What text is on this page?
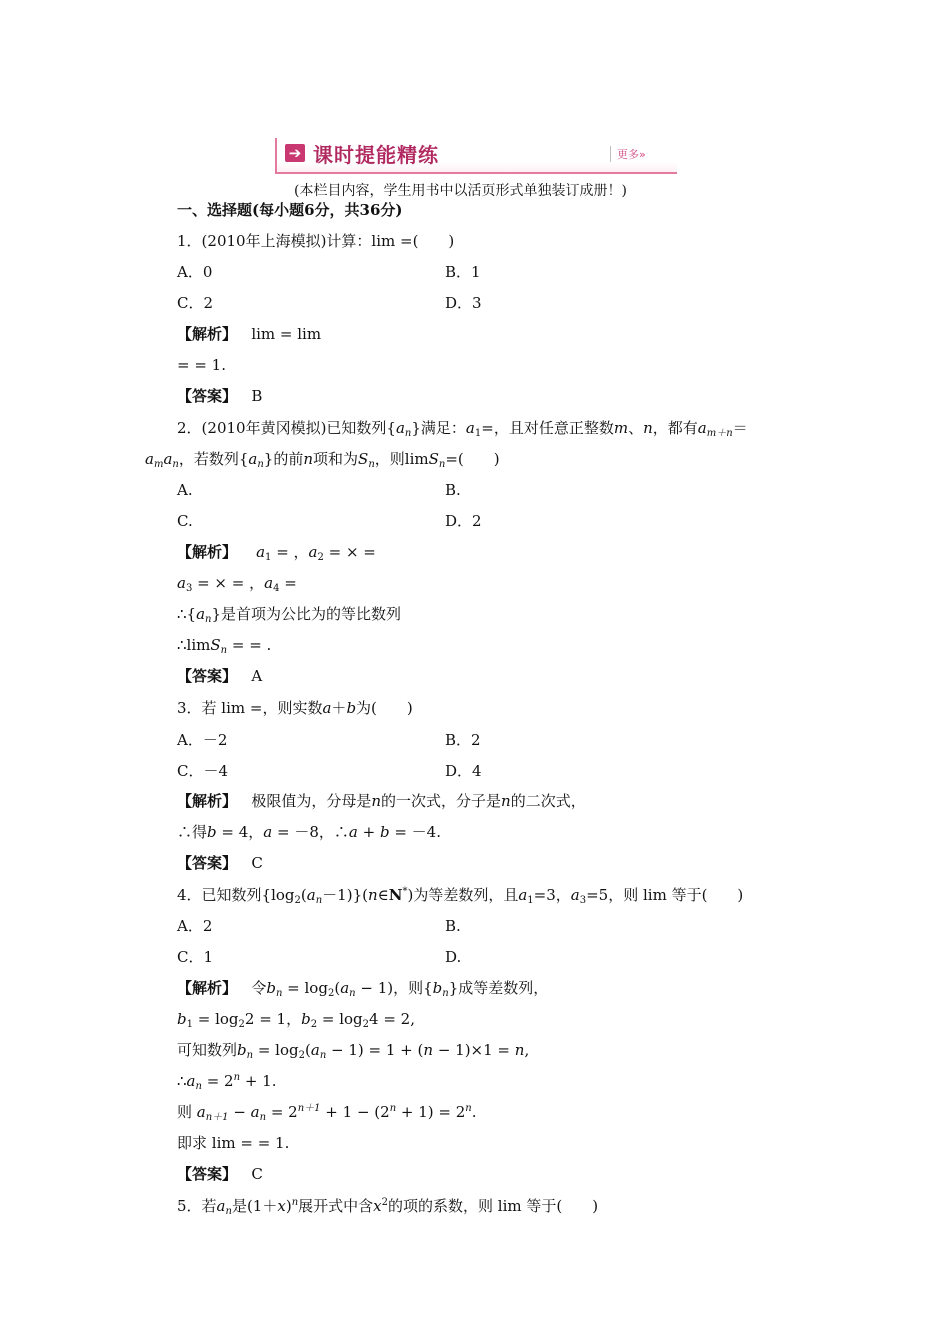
➔ 课时提能精练	更多»
(本栏目内容，学生用书中以活页形式单独装订成册！)
一、选择题(每小题6分，共36分)
1．(2010年上海模拟)计算：lim =(　　)
A．0	B．1
C．2	D．3
【解析】 lim = lim
= = 1.
【答案】 B
2．(2010年黄冈模拟)已知数列$\{a_n\}$满足：$a_1=$，且对任意正整数m、n，都有$a_{m+n}=$
$a_ma_n$，若数列$\{a_n\}$的前n项和为$S_n$，则limS$_n$=(　　)
A.	B.
C.	D．2
【解析】 $a_1$ = ，$a_2$ = × =
$a_3$ = × = ，$a_4$ =
$\therefore\{a_n\}$是首项为公比为的等比数列
∴limS$_n$ = = .
【答案】 A
3．若 lim =，则实数a＋b为(　　)
A．－2	B．2
C．－4	D．4
【解析】 极限值为，分母是n的一次式，分子是n的二次式，
∴得b = 4，a = －8，∴a + b = －4.
【答案】 C
4．已知数列$\{\log_2(a_n-1)\}(n\in N^*)$为等差数列，且$a_1=3$，$a_3=5$，则 lim 等于(　　)
A．2	B.
C．1	D.
【解析】 令$b_n = \log_2(a_n - 1)$，则$\{b_n\}$成等差数列，
$b_1 = \log_22 = 1$，$b_2 = \log_24 = 2$,
可知数列$b_n = \log_2(a_n - 1) = 1 + (n - 1)\times 1 = n$,
$\therefore a_n = 2^n + 1$.
则 $a_{n+1} - a_n = 2^{n+1} + 1 - (2^n + 1) = 2^n$.
即求 lim = = 1.
【答案】 C
5．若$a_n$是$(1+x)^n$展开式中含$x^2$的项的系数，则 lim 等于(　　)
